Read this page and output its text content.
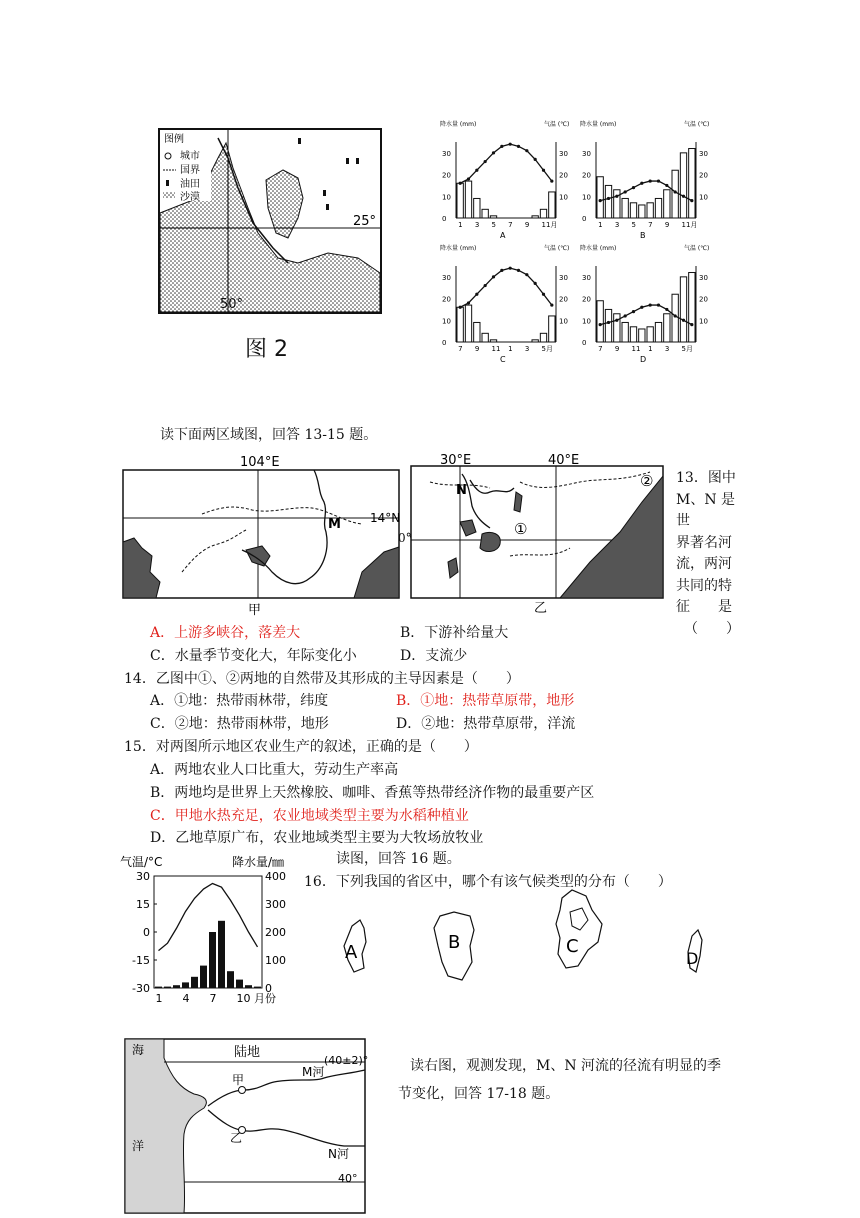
图例
城市
国界
油田
沙漠
25°
50°
图 2
降水量 (mm)	气温 (℃)
30
20
10
0
30
20
10
1 3 5 7 9 11月
A
降水量 (mm)	气温 (℃)
30
20
10
0
30
20
10
1 3 5 7 9 11月
B
降水量 (mm)	气温 (℃)
30
20
10
0
30
20
10
7 9 11 1 3 5月
C
降水量 (mm)	气温 (℃)
30
20
10
0
30
20
10
7 9 11 1 3 5月
D
读下面两区域图，回答 13-15 题。
104°E
14°N
M
甲
30°E	40°E
N
①
②
乙
0°
13．图中
M、N 是世
界著名河
流，两河
共同的特
征　　是
（　　）
A．上游多峡谷，落差大	B．下游补给量大
C．水量季节变化大，年际变化小	D．支流少
14．乙图中①、②两地的自然带及其形成的主导因素是（　　）
A．①地：热带雨林带，纬度	B．①地：热带草原带，地形
C．②地：热带雨林带，地形	D．②地：热带草原带，洋流
15．对两图所示地区农业生产的叙述，正确的是（　　）
A．两地农业人口比重大，劳动生产率高
B．两地均是世界上天然橡胶、咖啡、香蕉等热带经济作物的最重要产区
C．甲地水热充足，农业地域类型主要为水稻种植业
D．乙地草原广布，农业地域类型主要为大牧场放牧业
气温/°C	降水量/㎜
30
15
0
-15
-30
400
300
200
100
0
1 4 7 10 月份
读图，回答 16 题。
16．下列我国的省区中，哪个有该气候类型的分布（　　）
A	B	C
D
海	陆地
(40±2)°
洋
40°
甲
乙
M河
N河
读右图，观测发现，M、N 河流的径流有明显的季
节变化，回答 17-18 题。
